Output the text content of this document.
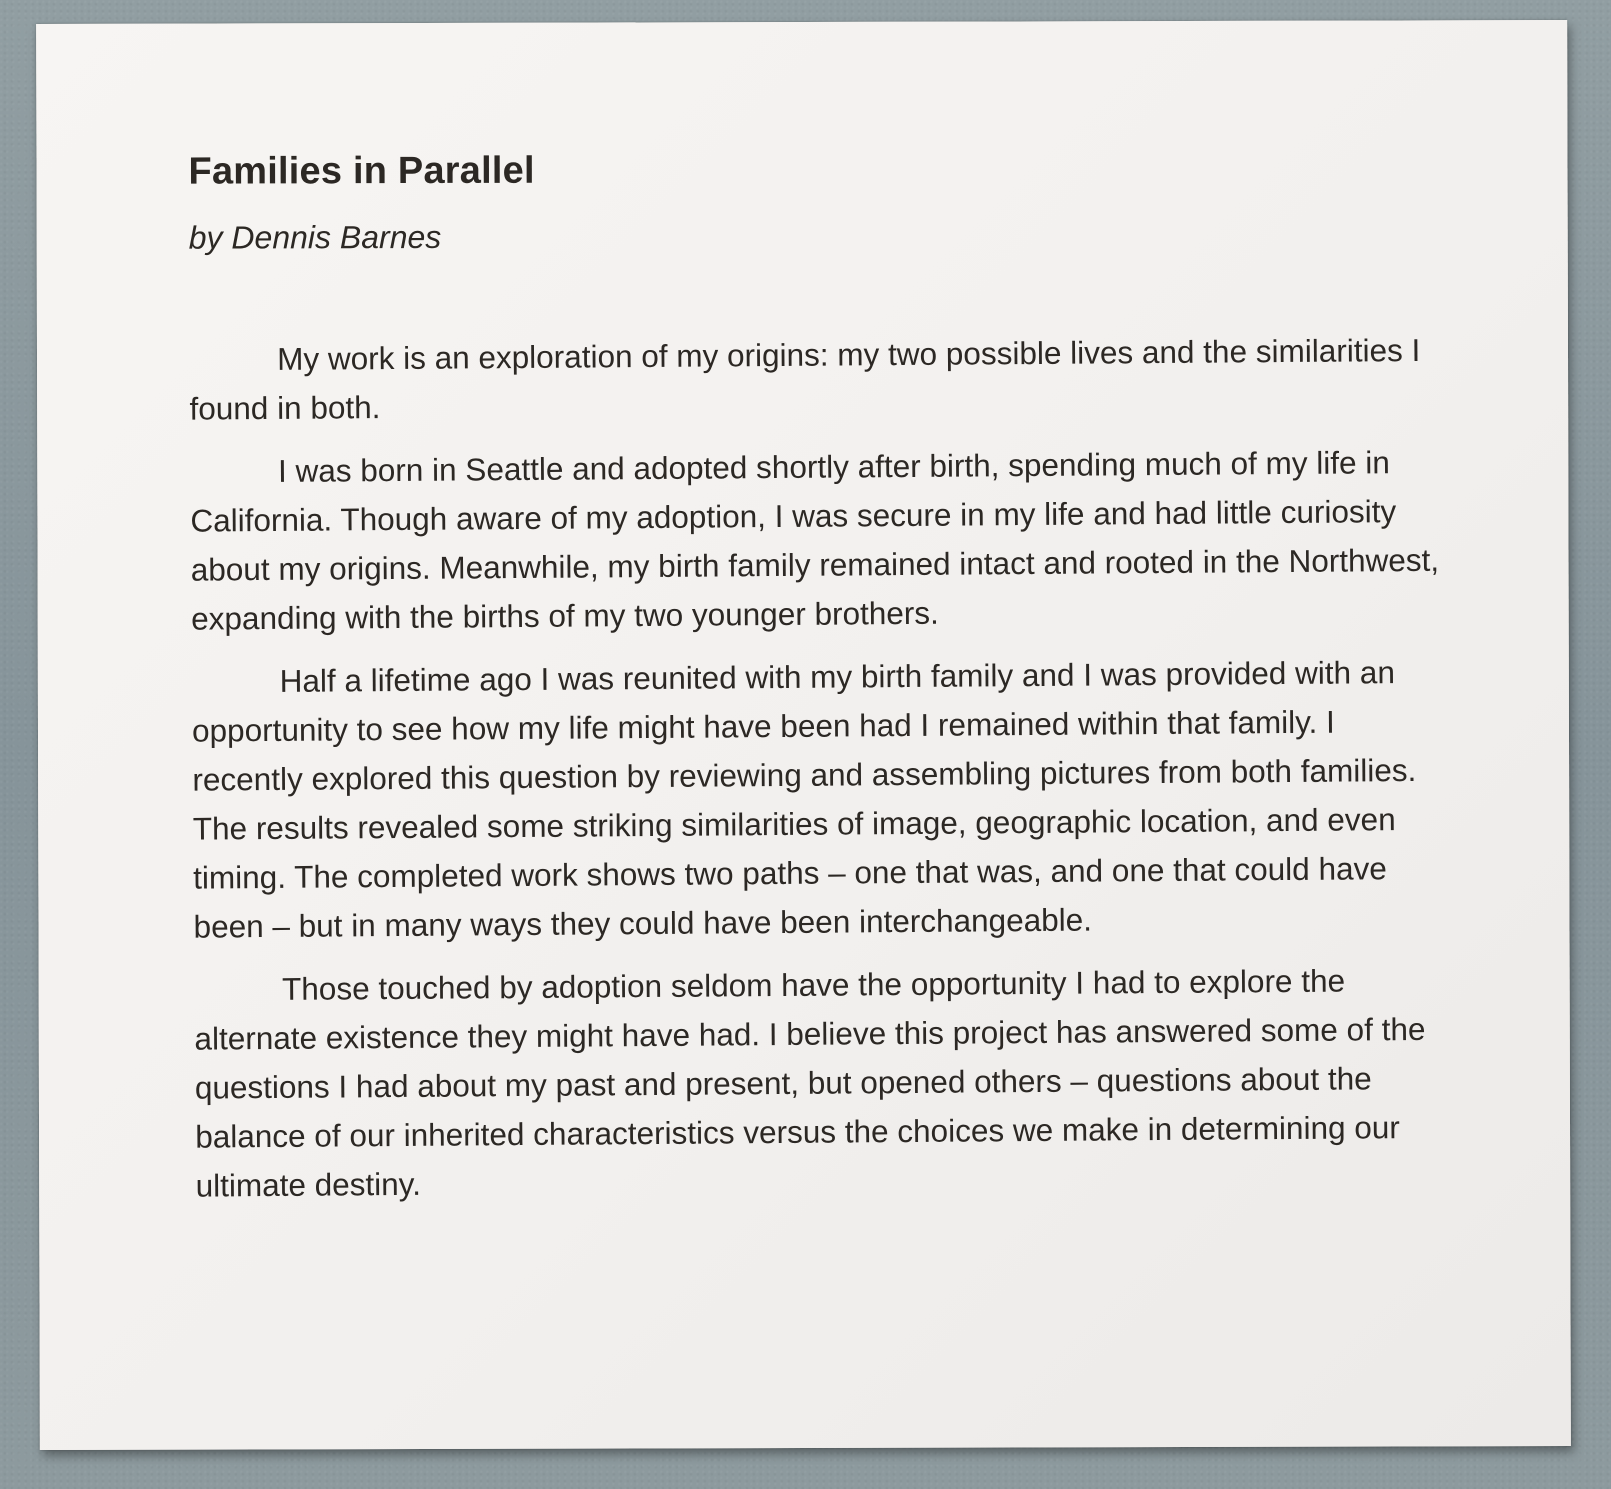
Families in Parallel

by Dennis Barnes

My work is an exploration of my origins: my two possible lives and the similarities I found in both.

I was born in Seattle and adopted shortly after birth, spending much of my life in California. Though aware of my adoption, I was secure in my life and had little curiosity about my origins. Meanwhile, my birth family remained intact and rooted in the Northwest, expanding with the births of my two younger brothers.

Half a lifetime ago I was reunited with my birth family and I was provided with an opportunity to see how my life might have been had I remained within that family. I recently explored this question by reviewing and assembling pictures from both families. The results revealed some striking similarities of image, geographic location, and even timing. The completed work shows two paths – one that was, and one that could have been – but in many ways they could have been interchangeable.

Those touched by adoption seldom have the opportunity I had to explore the alternate existence they might have had. I believe this project has answered some of the questions I had about my past and present, but opened others – questions about the balance of our inherited characteristics versus the choices we make in determining our ultimate destiny.
